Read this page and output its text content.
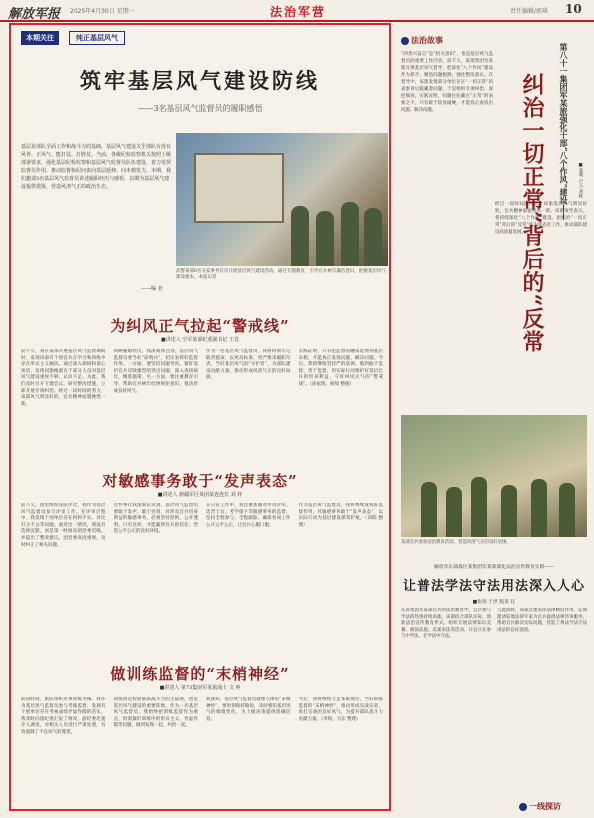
解放军报 2025年4月30日 星期一	法治军营	责任编辑/郭琪 10
本期关注	纯正基层风气
筑牢基层风气建设防线
——3名基层风气监督员的履职感悟
基层是部队全面工作和战斗力的基础，基层风气建设关乎部队有没有风骨、正风气、能打仗、打胜仗。当前，各级纪检监察机关按照上级部署要求，强化基层纪检监察和基层风气监督员队伍建设，着力发挥监督员作用，推动监督执纪问责向基层延伸、向末梢发力。本期，我们邀请3名基层风气监督员讲述履职经历与感悟，以期为基层风气建设提供借鉴，营造风清气正的政治生态。
——编 者
武警某部6名关家事务官员开展基层风气建设活动。通过专题教育，引导官兵树牢廉洁意识，把握基层风气建设根本。本报记者
为纠风正气拉起“警戒线”
■讲述人 空军某部纪委副书记 王肖
前不久，我在某部开展基层风气监督调研时，发现该部有个别官兵在学习和训练中存在形式主义倾向。通过深入调研和谈心谈话，发现问题根源在于部分人员对基层风气建设重视不够、认识不足。为此，我们及时召开专题会议，研究整改措施，立即开展专项纠治。经过一段时间的努力，该部风气明显好转，官兵精神面貌焕然一新。
回顾履职经历，我深刻体会到，基层风气监督员要当好“前哨兵”，切实发挥好监督作用。一方面，要坚持问题导向，紧盯基层官兵反映强烈的突出问题，深入查找病灶，精准施策；另一方面，要注重教育引导，帮助官兵树牢纪律规矩意识，推动形成良好风气。
作为一名基层风气监督员，我将时刻牢记职责使命，以更高标准、更严要求履职尽责，当好基层风气的“守护者”，为部队建设贡献力量，推动形成风清气正的良好局面。
实践证明，只有把监督的触角延伸到基层末梢，才能真正发现问题、解决问题。今后，我将继续坚持严的基调，做到敢于监督、善于监督，用实际行动维护好基层官兵的切身利益，守好纠风正气的“警戒线”。（徐家辉、杨瑞 整理）
对敏感事务敢于“发声表态”
■讲述人 新疆军区某团某连连长 刘 祥
前不久，团里组织连队评比，我作为基层风气监督员参与评审工作。在评审过程中，我发现个别单位存在材料不实、评比打分不公等问题。面对这一情况，我没有选择沉默，而是第一时间向团党委反映，并提出了整改建议。团党委高度重视，及时纠正了相关问题。
这件事让我深刻认识到，基层风气监督员要敢于发声、敢于亮剑，对涉及官兵切身利益的敏感事务，必须坚持原则、公开透明。只有这样，才能赢得官兵的信任，营造公平公正的良好环境。
在日常工作中，我注重加强对评功评奖、选晋士官、考学提干等敏感事务的监督，坚持全程参与、全程跟踪，确保各项工作公开公平公正，让官兵心服口服。
作为基层风气监督员，我将继续发挥好监督作用，对敏感事务敢于“发声表态”，以实际行动为基层建设保驾护航。（刘阳 整理）
做训练监督的“末梢神经”
■讲述人 第73集团军某旅战士 文 爽
前段时间，旅队组织军事训练考核。我作为基层风气监督员参与考核监督，发现有个别单位存在考核成绩弄虚作假的苗头。我及时向旅纪委汇报了情况，旅纪委迅速介入调查，对相关人员进行严肃处理，有效遏制了不良风气的蔓延。
训练场是检验部队战斗力的主战场，也是基层风气建设的重要阵地。作为一名基层风气监督员，我始终把训练监督作为重点，时刻紧盯训练中的形式主义、弄虚作假等问题，做到发现一起、纠治一起。
我深知，基层风气监督员就像人体的“末梢神经”，要时刻保持敏锐，及时感知基层风气的细微变化，为上级决策提供准确信息。
今后，我将继续立足本职岗位，当好训练监督的“末梢神经”，推动形成实战实训、真打实备的良好风气，为提升部队战斗力贡献力量。（李锐、马东 整理）
法治故事
“四类兴奋点”是“机关意识”，也是基层风气监督员的重要工作内容。前不久，某部集团军某旅开展基层风气督导，把深化“八个作风”建设作为抓手，聚焦问题根源，强化整改落实。在督导中，该旅发现部分单位存在“一切正常”的表象背后隐藏着问题，于是组织专项纠治，深挖细查。实践证明，问题往往藏在“正常”的表象之下，只有敢于较真碰硬，才能真正查找出问题、解决问题。	第八十一集团军某旅强化干部“八个作风”建设——
纠治一切正常”背后的“反常	■张利 卢玉 刘栋
经过一段时间的纠治，该旅基层风气明显好转，官兵精神面貌焕然一新。该旅领导表示，将持续深化“八个作风”建设，把纠治“一切正常”背后的“反常”作为常态化工作，推动部队建设高质量发展。
某部官兵参加法治教育活动，营造风清气正的良好氛围。
解放军东部战区某集团军某部深化法治宣传教育实践——
让普法学法守法用法深入人心
■张铁 于洪 程某 任
在该集团军某部官兵的法治教育中，官兵参与学法的热情持续高涨。该部结合部队实际，创新法治宣传教育形式，组织开展法律知识竞赛、模拟法庭、以案说法等活动，让官兵在参与中学法、在学法中守法。
与此同时，该部注重发挥法律顾问作用，定期邀请驻地法律专家为官兵提供法律咨询服务，帮助官兵解决实际问题，营造了尊法学法守法用法的良好氛围。
一线探访
